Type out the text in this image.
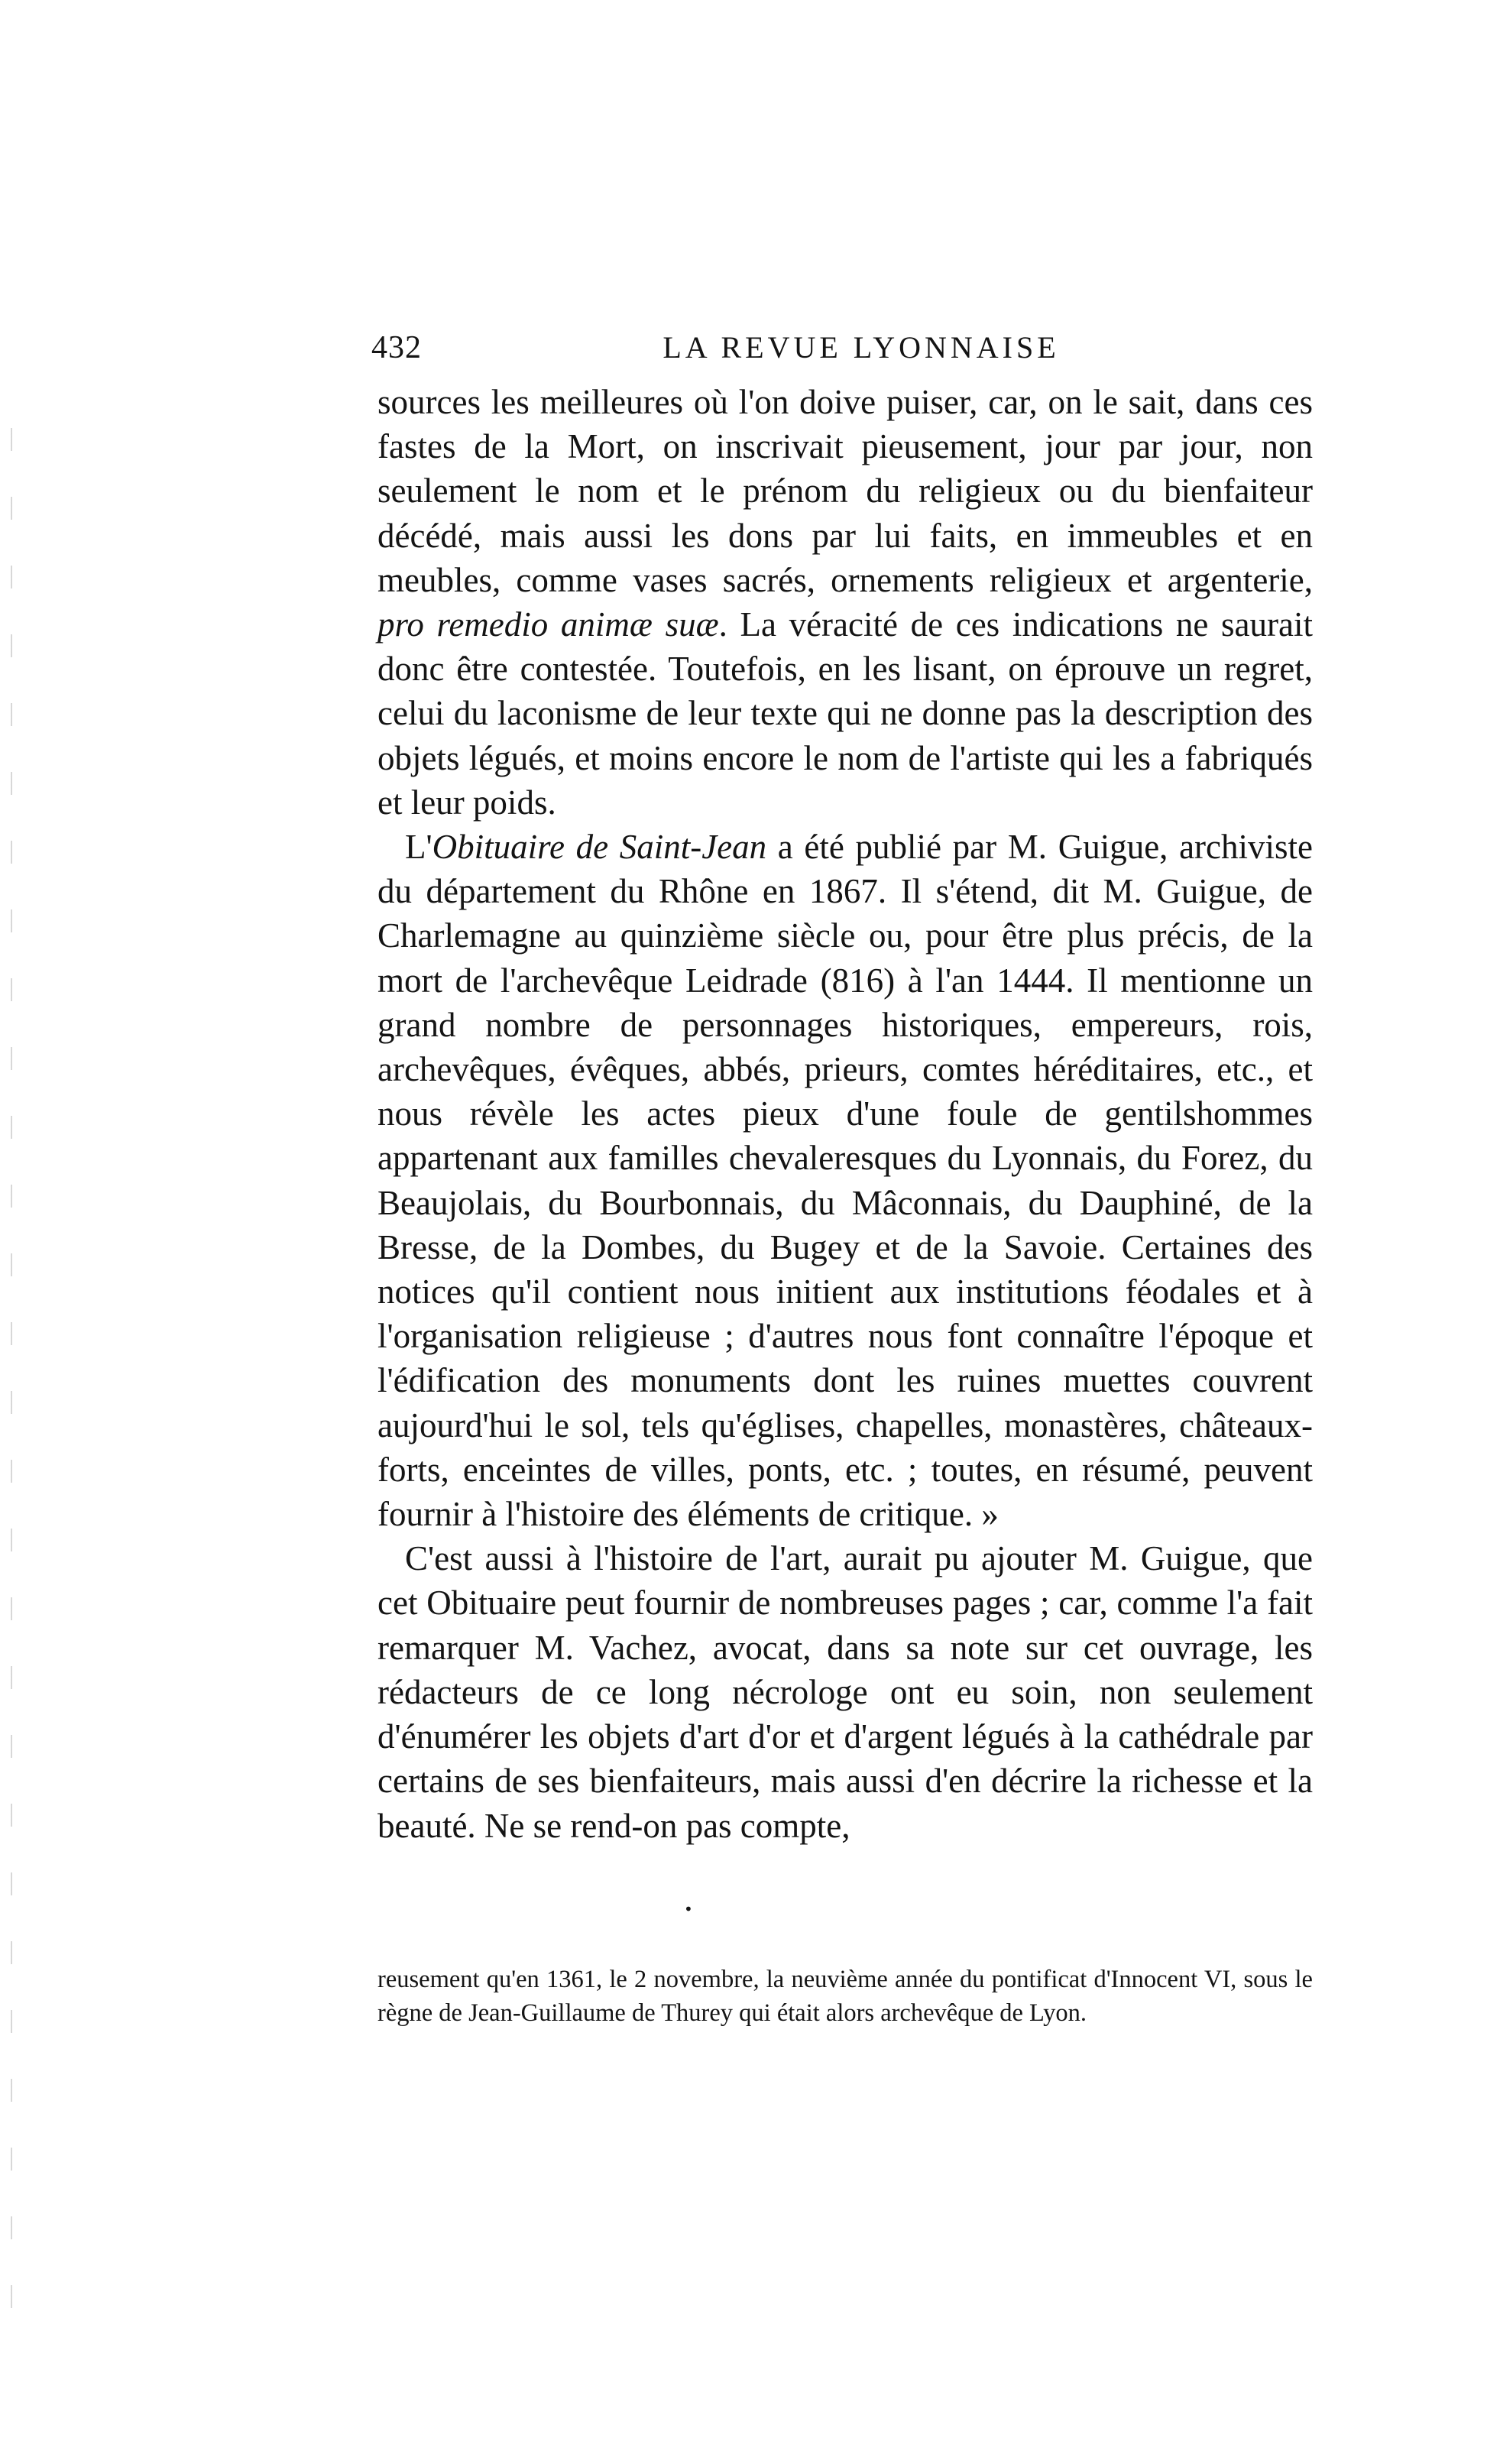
432	LA REVUE LYONNAISE

sources les meilleures où l'on doive puiser, car, on le sait, dans ces fastes de la Mort, on inscrivait pieusement, jour par jour, non seulement le nom et le prénom du religieux ou du bienfaiteur décédé, mais aussi les dons par lui faits, en immeubles et en meubles, comme vases sacrés, ornements religieux et argenterie, pro remedio animæ suæ. La véracité de ces indications ne saurait donc être contestée. Toutefois, en les lisant, on éprouve un regret, celui du laconisme de leur texte qui ne donne pas la description des objets légués, et moins encore le nom de l'artiste qui les a fabriqués et leur poids.

L'Obituaire de Saint-Jean a été publié par M. Guigue, archiviste du département du Rhône en 1867. Il s'étend, dit M. Guigue, de Charlemagne au quinzième siècle ou, pour être plus précis, de la mort de l'archevêque Leidrade (816) à l'an 1444. Il mentionne un grand nombre de personnages historiques, empereurs, rois, archevêques, évêques, abbés, prieurs, comtes héréditaires, etc., et nous révèle les actes pieux d'une foule de gentilshommes appartenant aux familles chevaleresques du Lyonnais, du Forez, du Beaujolais, du Bourbonnais, du Mâconnais, du Dauphiné, de la Bresse, de la Dombes, du Bugey et de la Savoie. Certaines des notices qu'il contient nous initient aux institutions féodales et à l'organisation religieuse ; d'autres nous font connaître l'époque et l'édification des monuments dont les ruines muettes couvrent aujourd'hui le sol, tels qu'églises, chapelles, monastères, châteaux-forts, enceintes de villes, ponts, etc. ; toutes, en résumé, peuvent fournir à l'histoire des éléments de critique. »

C'est aussi à l'histoire de l'art, aurait pu ajouter M. Guigue, que cet Obituaire peut fournir de nombreuses pages ; car, comme l'a fait remarquer M. Vachez, avocat, dans sa note sur cet ouvrage, les rédacteurs de ce long nécrologe ont eu soin, non seulement d'énumérer les objets d'art d'or et d'argent légués à la cathédrale par certains de ses bienfaiteurs, mais aussi d'en décrire la richesse et la beauté. Ne se rend-on pas compte,

•

reusement qu'en 1361, le 2 novembre, la neuvième année du pontificat d'Innocent VI, sous le règne de Jean-Guillaume de Thurey qui était alors archevêque de Lyon.
